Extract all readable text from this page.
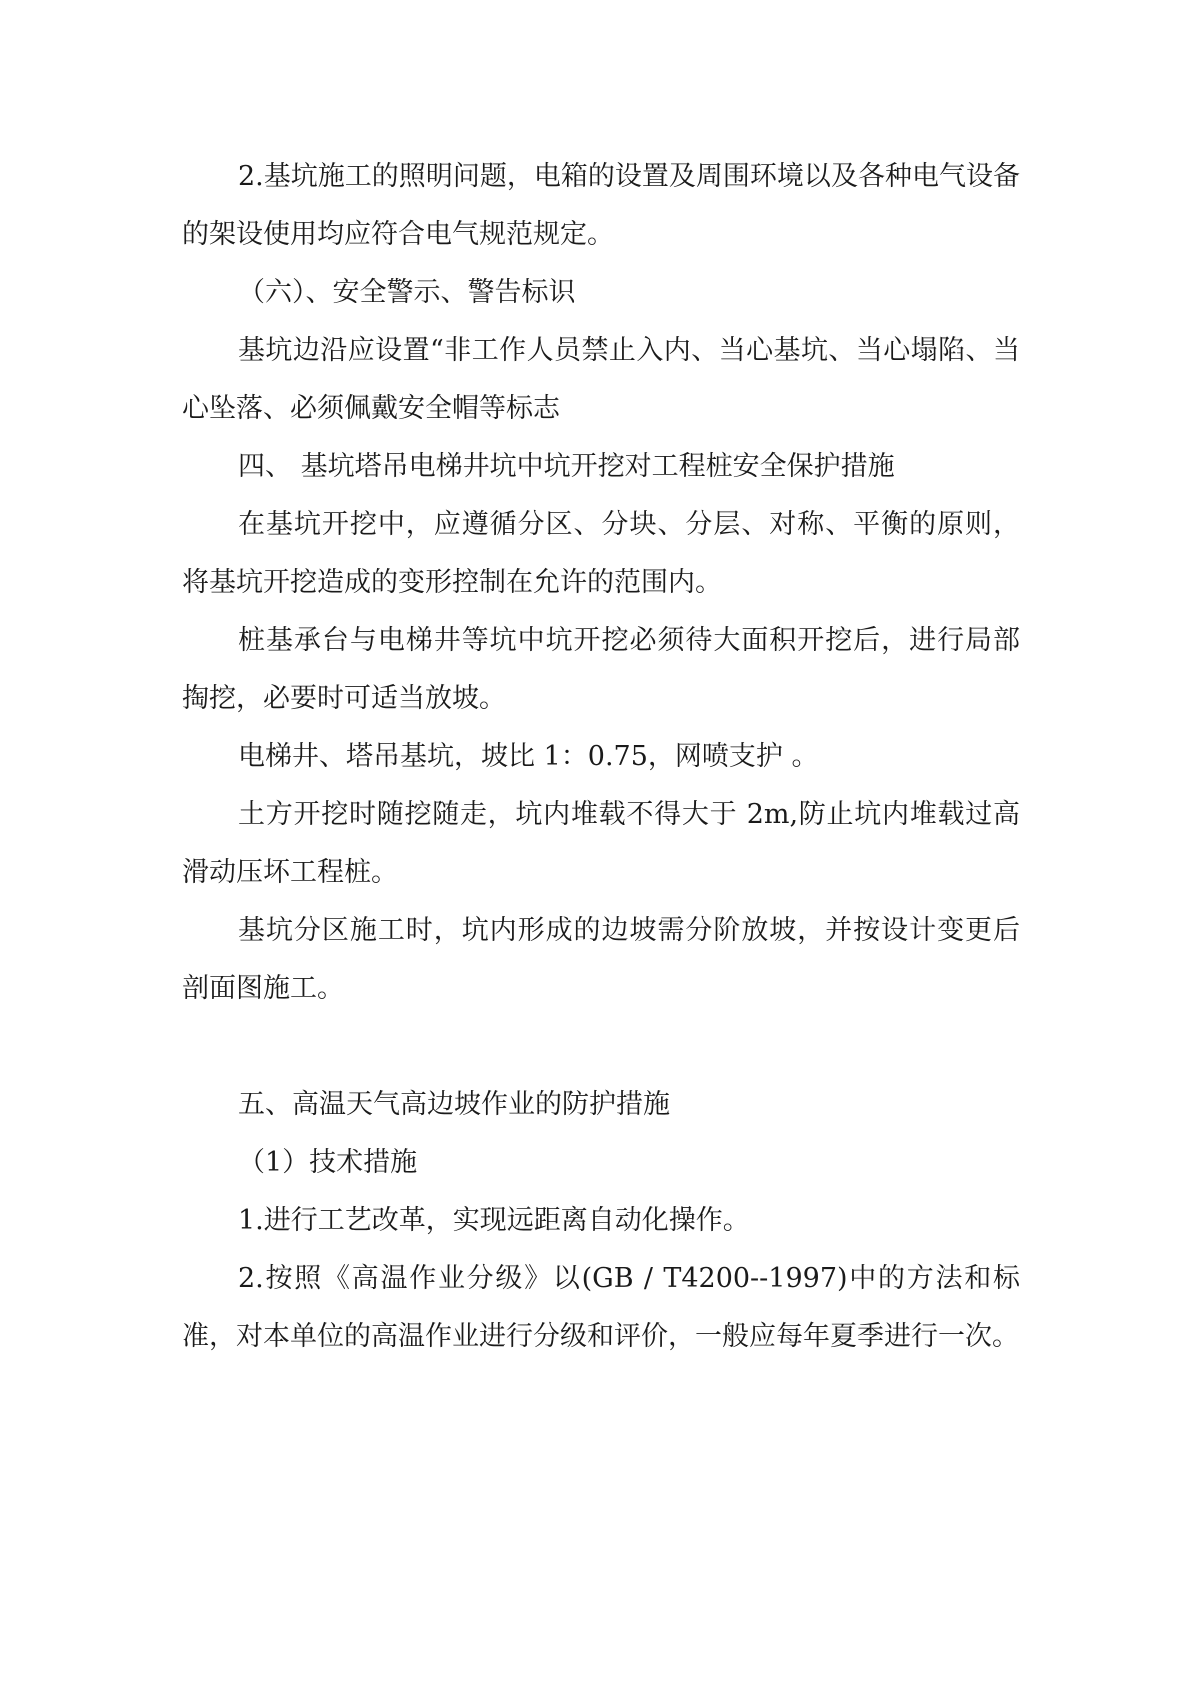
2.基坑施工的照明问题，电箱的设置及周围环境以及各种电气设备的架设使用均应符合电气规范规定。

（六）、安全警示、警告标识

基坑边沿应设置“非工作人员禁止入内、当心基坑、当心塌陷、当心坠落、必须佩戴安全帽等标志

四、 基坑塔吊电梯井坑中坑开挖对工程桩安全保护措施

在基坑开挖中，应遵循分区、分块、分层、对称、平衡的原则，将基坑开挖造成的变形控制在允许的范围内。

桩基承台与电梯井等坑中坑开挖必须待大面积开挖后，进行局部掏挖，必要时可适当放坡。

电梯井、塔吊基坑，坡比 1：0.75，网喷支护 。

土方开挖时随挖随走，坑内堆载不得大于 2m,防止坑内堆载过高滑动压坏工程桩。

基坑分区施工时，坑内形成的边坡需分阶放坡，并按设计变更后剖面图施工。

五、高温天气高边坡作业的防护措施

（1）技术措施

1.进行工艺改革，实现远距离自动化操作。

2.按照《高温作业分级》以(GB / T4200--1997)中的方法和标准，对本单位的高温作业进行分级和评价，一般应每年夏季进行一次。
